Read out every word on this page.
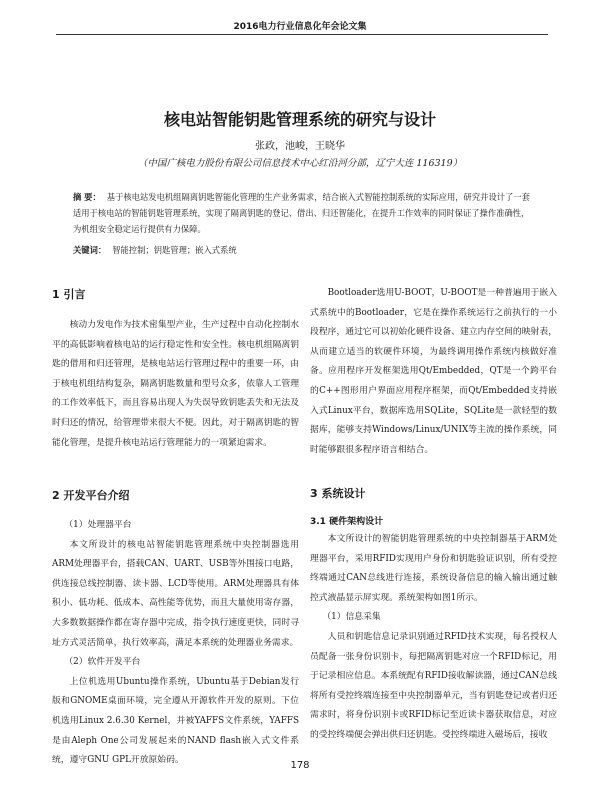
2016电力行业信息化年会论文集
核电站智能钥匙管理系统的研究与设计
张政，池峻，王晓华
（中国广核电力股份有限公司信息技术中心红沿河分部，辽宁大连 116319）
摘 要： 基于核电站发电机组隔离钥匙智能化管理的生产业务需求，结合嵌入式智能控制系统的实际应用，研究并设计了一套适用于核电站的智能钥匙管理系统，实现了隔离钥匙的登记、借出、归还智能化，在提升工作效率的同时保证了操作准确性，为机组安全稳定运行提供有力保障。
关键词： 智能控制；钥匙管理；嵌入式系统
1 引言

核动力发电作为技术密集型产业，生产过程中自动化控制水平的高低影响着核电站的运行稳定性和安全性。核电机组隔离钥匙的借用和归还管理，是核电站运行管理过程中的重要一环，由于核电机组结构复杂，隔离钥匙数量和型号众多，依靠人工管理的工作效率低下，而且容易出现人为失误导致钥匙丢失和无法及时归还的情况，给管理带来很大不便。因此，对于隔离钥匙的智能化管理，是提升核电站运行管理能力的一项紧迫需求。

2 开发平台介绍

（1）处理器平台

本文所设计的核电站智能钥匙管理系统中央控制器选用ARM处理器平台，搭载CAN、UART、USB等外围接口电路，供连接总线控制器、读卡器、LCD等使用。ARM处理器具有体积小、低功耗、低成本、高性能等优势，而且大量使用寄存器，大多数数据操作都在寄存器中完成，指令执行速度更快，同时寻址方式灵活简单，执行效率高，满足本系统的处理器业务需求。

（2）软件开发平台

上位机选用Ubuntu操作系统，Ubuntu基于Debian发行版和GNOME桌面环境，完全遵从开源软件开发的原则。下位机选用Linux 2.6.30 Kernel，并被YAFFS文件系统，YAFFS是由Aleph One公司发展起来的NAND flash嵌入式文件系统，遵守GNU GPL开放原始码。

Bootloader选用U-BOOT，U-BOOT是一种普遍用于嵌入式系统中的Bootloader，它是在操作系统运行之前执行的一小段程序，通过它可以初始化硬件设备、建立内存空间的映射表，从而建立适当的软硬件环境，为最终调用操作系统内核做好准备。应用程序开发框架选用Qt/Embedded，QT是一个跨平台的C++图形用户界面应用程序框架，而Qt/Embedded支持嵌入式Linux平台，数据库选用SQLite，SQLite是一款轻型的数据库，能够支持Windows/Linux/UNIX等主流的操作系统，同时能够跟很多程序语言相结合。

3 系统设计
3.1 硬件架构设计

本文所设计的智能钥匙管理系统的中央控制器基于ARM处理器平台，采用RFID实现用户身份和钥匙验证识别，所有受控终端通过CAN总线进行连接，系统设备信息的输入输出通过触控式液晶显示屏实现。系统架构如图1所示。

（1）信息采集

人员和钥匙信息记录识别通过RFID技术实现，每名授权人员配备一张身份识别卡，每把隔离钥匙对应一个RFID标记，用于记录相应信息。本系统配有RFID接收解读器，通过CAN总线将所有受控终端连接至中央控制器单元，当有钥匙登记或者归还需求时，将身份识别卡或RFID标记至近读卡器获取信息，对应的受控终端便会弹出供归还钥匙。受控终端进入磁场后，接收

178
